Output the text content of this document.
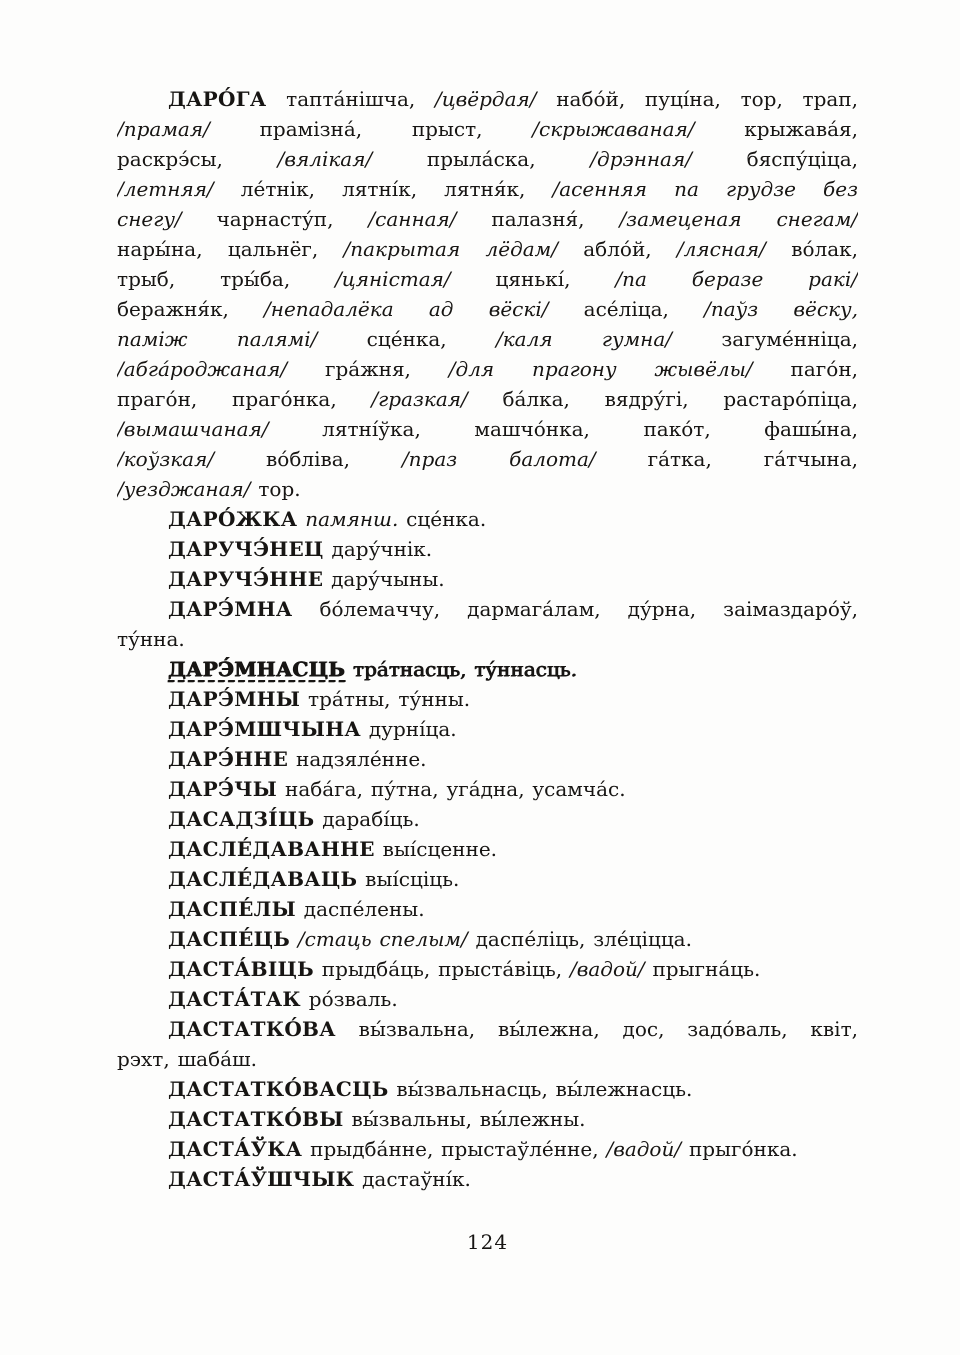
ДАРО́ГА тапта́нішча, /цвёрдая/ набо́й, пуці́на, тор, трап,
/прамая/ прамізна́, прыст, /скрыжаваная/ крыжава́я,
раскрэ́сы, /вялікая/ прыла́ска, /дрэнная/ бяспу́ціца,
/летняя/ ле́тнік, лятні́к, лятня́к, /асенняя па грудзе без
снегу/ чарнасту́п, /санная/ палазня́, /замеценая снегам/
нары́на, цальнёг, /пакрытая лёдам/ абло́й, /лясная/ во́лак,
трыб, тры́ба, /цяністая/ цянькі́, /па беразе ракі/
беражня́к, /непадалёка ад вёскі/ асе́ліца, /паўз вёску,
паміж палямі/ сце́нка, /каля гумна/ загуме́нніца,
/абга́роджаная/ гра́жня, /для прагону жывёлы/ паго́н,
праго́н, праго́нка, /гразкая/ ба́лка, вядру́гі, растаро́піца,
/вымашчаная/ лятні́ўка, машчо́нка, пако́т, фашы́на,
/коўзкая/ во́бліва, /праз балота/ га́тка, га́тчына,
/уезджаная/ тор.
ДАРО́ЖКА памянш. сце́нка.
ДАРУЧЭ́НЕЦ дару́чнік.
ДАРУЧЭ́ННЕ дару́чыны.
ДАРЭ́МНА бо́лемаччу, дармага́лам, ду́рна, заімаздаро́ў,
ту́нна.
ДАРЭ́МНАСЦЬ тра́тнасць, ту́ннасць.
ДАРЭ́МНЫ тра́тны, ту́нны.
ДАРЭ́МШЧЫНА дурні́ца.
ДАРЭ́ННЕ надзяле́нне.
ДАРЭ́ЧЫ наба́га, пу́тна, уга́дна, усамча́с.
ДАСАДЗІ́ЦЬ дарабі́ць.
ДАСЛЕ́ДАВАННЕ выі́сценне.
ДАСЛЕ́ДАВАЦЬ выі́сціць.
ДАСПЕ́ЛЫ даспе́лены.
ДАСПЕ́ЦЬ /стаць спелым/ даспе́ліць, зле́ціцца.
ДАСТА́ВІЦЬ прыдба́ць, прыста́віць, /вадой/ прыгна́ць.
ДАСТА́ТАК ро́зваль.
ДАСТАТКО́ВА вы́звальна, вы́лежна, дос, задо́валь, квіт,
рэхт, шаба́ш.
ДАСТАТКО́ВАСЦЬ вы́звальнасць, вы́лежнасць.
ДАСТАТКО́ВЫ вы́звальны, вы́лежны.
ДАСТА́ЎКА прыдба́нне, прыстаўле́нне, /вадой/ прыго́нка.
ДАСТА́ЎШЧЫК дастаўні́к.
124
